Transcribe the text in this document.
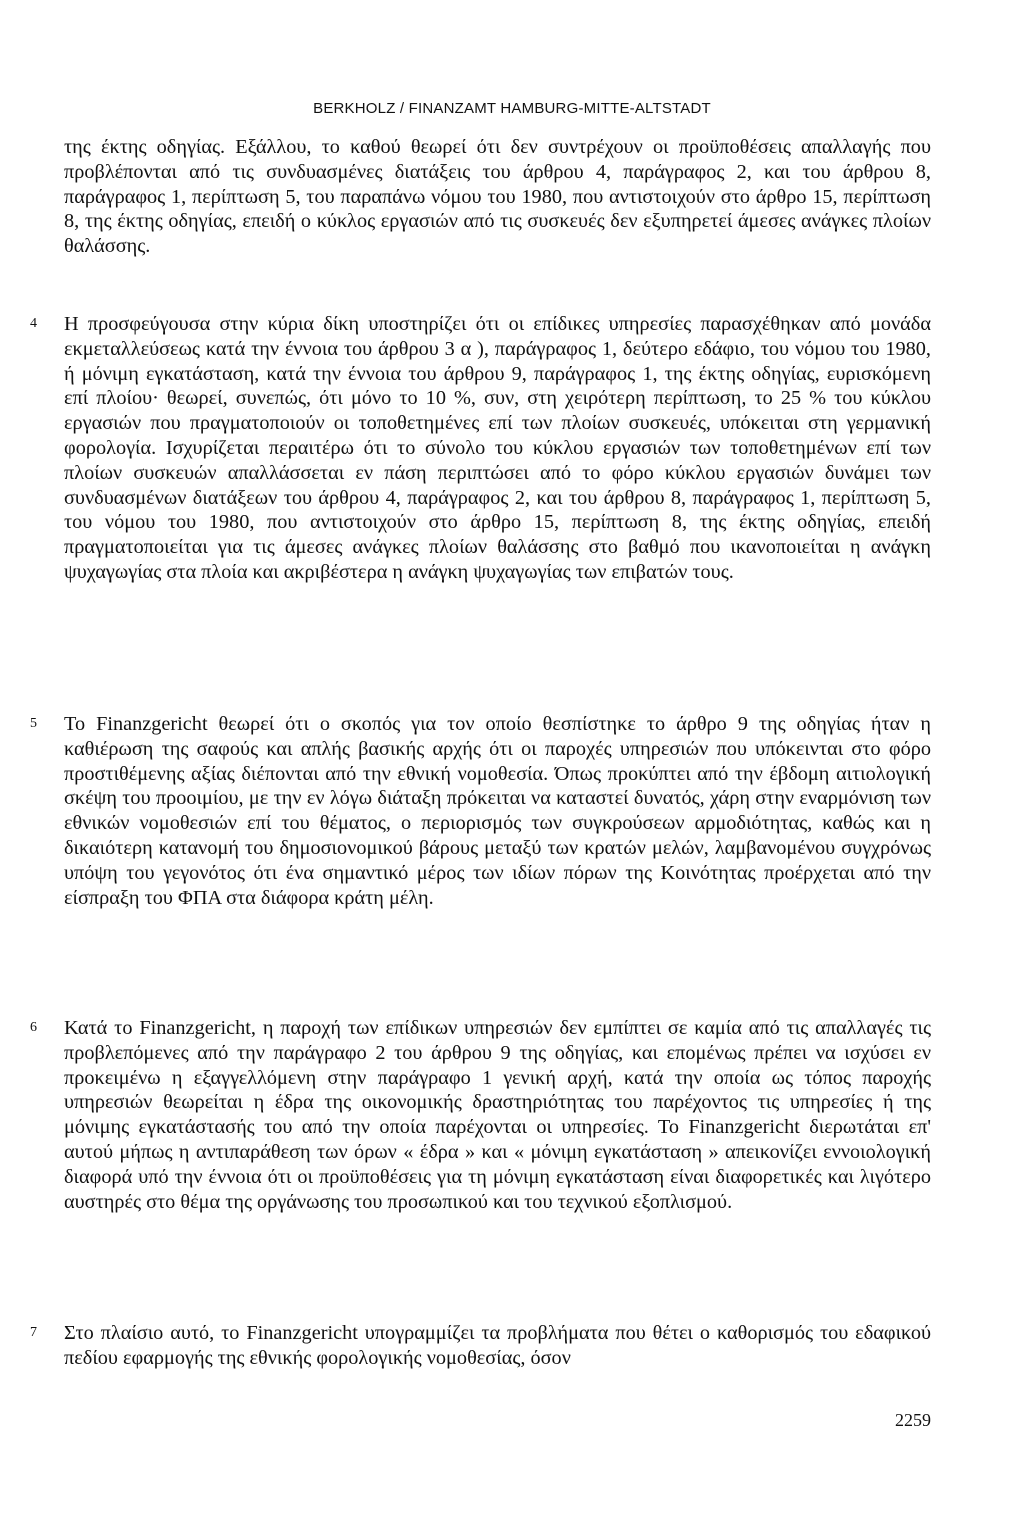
BERKHOLZ / FINANZAMT HAMBURG-MITTE-ALTSTADT

της έκτης οδηγίας. Εξάλλου, το καθού θεωρεί ότι δεν συντρέχουν οι προϋποθέσεις απαλλαγής που προβλέπονται από τις συνδυασμένες διατάξεις του άρθρου 4, παράγραφος 2, και του άρθρου 8, παράγραφος 1, περίπτωση 5, του παραπάνω νόμου του 1980, που αντιστοιχούν στο άρθρο 15, περίπτωση 8, της έκτης οδηγίας, επειδή ο κύκλος εργασιών από τις συσκευές δεν εξυπηρετεί άμεσες ανάγκες πλοίων θαλάσσης.

4 Η προσφεύγουσα στην κύρια δίκη υποστηρίζει ότι οι επίδικες υπηρεσίες παρασχέθηκαν από μονάδα εκμεταλλεύσεως κατά την έννοια του άρθρου 3 α ), παράγραφος 1, δεύτερο εδάφιο, του νόμου του 1980, ή μόνιμη εγκατάσταση, κατά την έννοια του άρθρου 9, παράγραφος 1, της έκτης οδηγίας, ευρισκόμενη επί πλοίου· θεωρεί, συνεπώς, ότι μόνο το 10 %, συν, στη χειρότερη περίπτωση, το 25 % του κύκλου εργασιών που πραγματοποιούν οι τοποθετημένες επί των πλοίων συσκευές, υπόκειται στη γερμανική φορολογία. Ισχυρίζεται περαιτέρω ότι το σύνολο του κύκλου εργασιών των τοποθετημένων επί των πλοίων συσκευών απαλλάσσεται εν πάση περιπτώσει από το φόρο κύκλου εργασιών δυνάμει των συνδυασμένων διατάξεων του άρθρου 4, παράγραφος 2, και του άρθρου 8, παράγραφος 1, περίπτωση 5, του νόμου του 1980, που αντιστοιχούν στο άρθρο 15, περίπτωση 8, της έκτης οδηγίας, επειδή πραγματοποιείται για τις άμεσες ανάγκες πλοίων θαλάσσης στο βαθμό που ικανοποιείται η ανάγκη ψυχαγωγίας στα πλοία και ακριβέστερα η ανάγκη ψυχαγωγίας των επιβατών τους.

5 Το Finanzgericht θεωρεί ότι ο σκοπός για τον οποίο θεσπίστηκε το άρθρο 9 της οδηγίας ήταν η καθιέρωση της σαφούς και απλής βασικής αρχής ότι οι παροχές υπηρεσιών που υπόκεινται στο φόρο προστιθέμενης αξίας διέπονται από την εθνική νομοθεσία. Όπως προκύπτει από την έβδομη αιτιολογική σκέψη του προοιμίου, με την εν λόγω διάταξη πρόκειται να καταστεί δυνατός, χάρη στην εναρμόνιση των εθνικών νομοθεσιών επί του θέματος, ο περιορισμός των συγκρούσεων αρμοδιότητας, καθώς και η δικαιότερη κατανομή του δημοσιονομικού βάρους μεταξύ των κρατών μελών, λαμβανομένου συγχρόνως υπόψη του γεγονότος ότι ένα σημαντικό μέρος των ιδίων πόρων της Κοινότητας προέρχεται από την είσπραξη του ΦΠΑ στα διάφορα κράτη μέλη.

6 Κατά το Finanzgericht, η παροχή των επίδικων υπηρεσιών δεν εμπίπτει σε καμία από τις απαλλαγές τις προβλεπόμενες από την παράγραφο 2 του άρθρου 9 της οδηγίας, και επομένως πρέπει να ισχύσει εν προκειμένω η εξαγγελλόμενη στην παράγραφο 1 γενική αρχή, κατά την οποία ως τόπος παροχής υπηρεσιών θεωρείται η έδρα της οικονομικής δραστηριότητας του παρέχοντος τις υπηρεσίες ή της μόνιμης εγκατάστασής του από την οποία παρέχονται οι υπηρεσίες. Το Finanzgericht διερωτάται επ' αυτού μήπως η αντιπαράθεση των όρων « έδρα » και « μόνιμη εγκατάσταση » απεικονίζει εννοιολογική διαφορά υπό την έννοια ότι οι προϋποθέσεις για τη μόνιμη εγκατάσταση είναι διαφορετικές και λιγότερο αυστηρές στο θέμα της οργάνωσης του προσωπικού και του τεχνικού εξοπλισμού.

7 Στο πλαίσιο αυτό, το Finanzgericht υπογραμμίζει τα προβλήματα που θέτει ο καθορισμός του εδαφικού πεδίου εφαρμογής της εθνικής φορολογικής νομοθεσίας, όσον

2259
